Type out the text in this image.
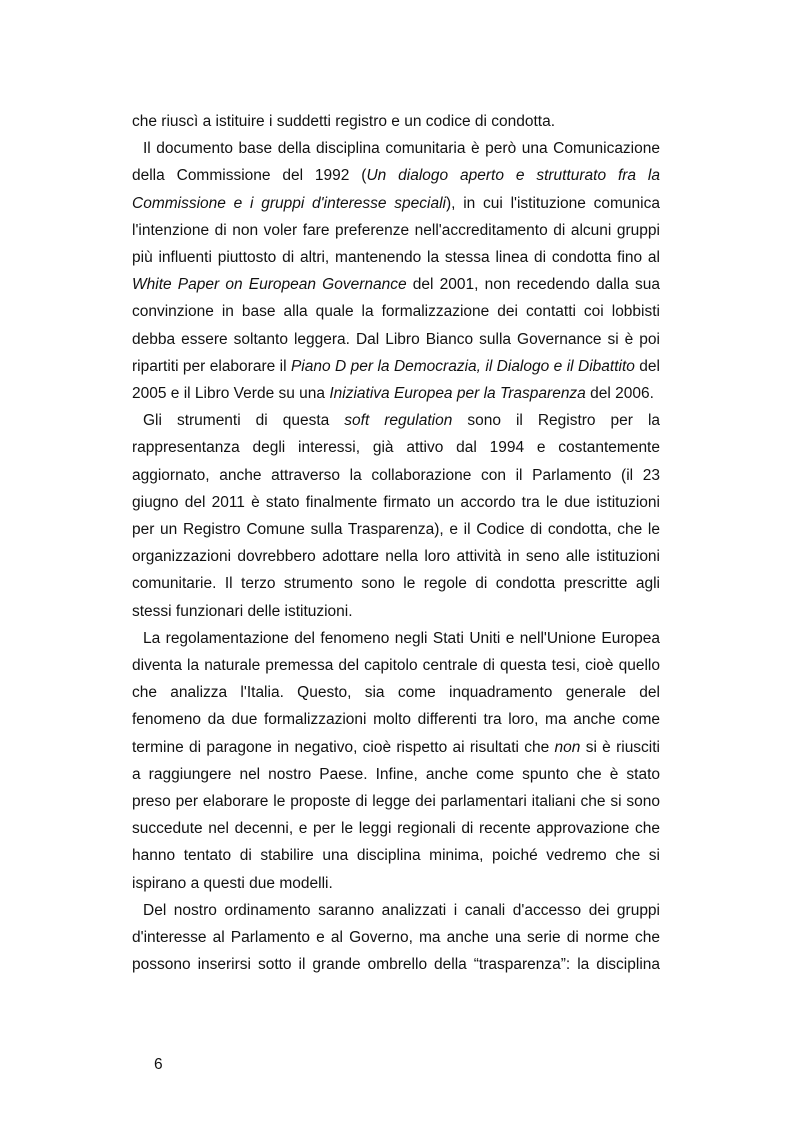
che riuscì a istituire i suddetti registro e un codice di condotta.

Il documento base della disciplina comunitaria è però una Comunicazione della Commissione del 1992 (Un dialogo aperto e strutturato fra la Commissione e i gruppi d'interesse speciali), in cui l'istituzione comunica l'intenzione di non voler fare preferenze nell'accreditamento di alcuni gruppi più influenti piuttosto di altri, mantenendo la stessa linea di condotta fino al White Paper on European Governance del 2001, non recedendo dalla sua convinzione in base alla quale la formalizzazione dei contatti coi lobbisti debba essere soltanto leggera. Dal Libro Bianco sulla Governance si è poi ripartiti per elaborare il Piano D per la Democrazia, il Dialogo e il Dibattito del 2005 e il Libro Verde su una Iniziativa Europea per la Trasparenza del 2006.

Gli strumenti di questa soft regulation sono il Registro per la rappresentanza degli interessi, già attivo dal 1994 e costantemente aggiornato, anche attraverso la collaborazione con il Parlamento (il 23 giugno del 2011 è stato finalmente firmato un accordo tra le due istituzioni per un Registro Comune sulla Trasparenza), e il Codice di condotta, che le organizzazioni dovrebbero adottare nella loro attività in seno alle istituzioni comunitarie. Il terzo strumento sono le regole di condotta prescritte agli stessi funzionari delle istituzioni.

La regolamentazione del fenomeno negli Stati Uniti e nell'Unione Europea diventa la naturale premessa del capitolo centrale di questa tesi, cioè quello che analizza l'Italia. Questo, sia come inquadramento generale del fenomeno da due formalizzazioni molto differenti tra loro, ma anche come termine di paragone in negativo, cioè rispetto ai risultati che non si è riusciti a raggiungere nel nostro Paese. Infine, anche come spunto che è stato preso per elaborare le proposte di legge dei parlamentari italiani che si sono succedute nel decenni, e per le leggi regionali di recente approvazione che hanno tentato di stabilire una disciplina minima, poiché vedremo che si ispirano a questi due modelli.

Del nostro ordinamento saranno analizzati i canali d'accesso dei gruppi d'interesse al Parlamento e al Governo, ma anche una serie di norme che possono inserirsi sotto il grande ombrello della “trasparenza”: la disciplina

6
